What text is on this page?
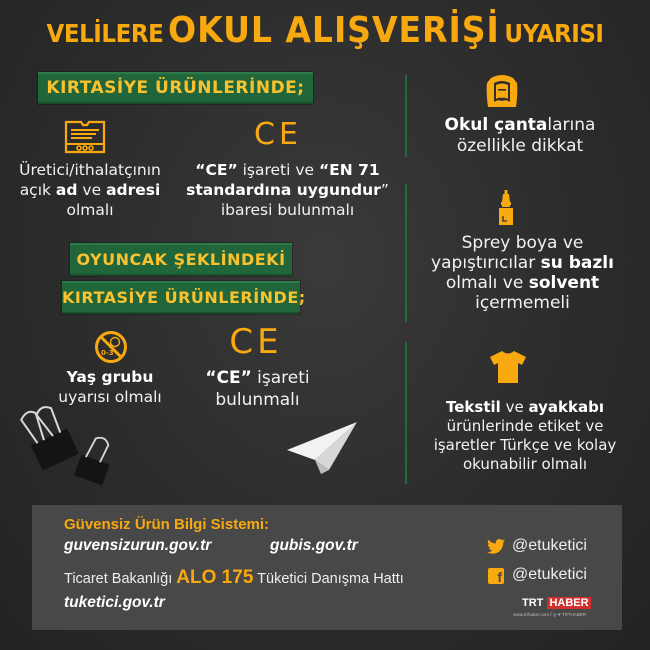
VELİLERE OKUL ALIŞVERİŞİ UYARISI
KIRTASİYE ÜRÜNLERİNDE;
Üretici/ithalatçının
açık ad ve adresi
olmalı
CE
“CE” işareti ve “EN 71
standardına uygundur”
ibaresi bulunmalı
OYUNCAK ŞEKLİNDEKİ
KIRTASİYE ÜRÜNLERİNDE;
0-3
Yaş grubu
uyarısı olmalı
CE
“CE” işareti
bulunmalı
Okul çantalarına
özellikle dikkat
Sprey boya ve
yapıştırıcılar su bazlı
olmalı ve solvent
içermemeli
Tekstil ve ayakkabı
ürünlerinde etiket ve
işaretler Türkçe ve kolay
okunabilir olmalı
Güvensiz Ürün Bilgi Sistemi:
guvensizurun.gov.tr	gubis.gov.tr
Ticaret Bakanlığı ALO 175 Tüketici Danışma Hattı
tuketici.gov.tr
@etuketici
f @etuketici
TRT HABER
www.trthaber.com f ◎ ♥ TRTHABER
